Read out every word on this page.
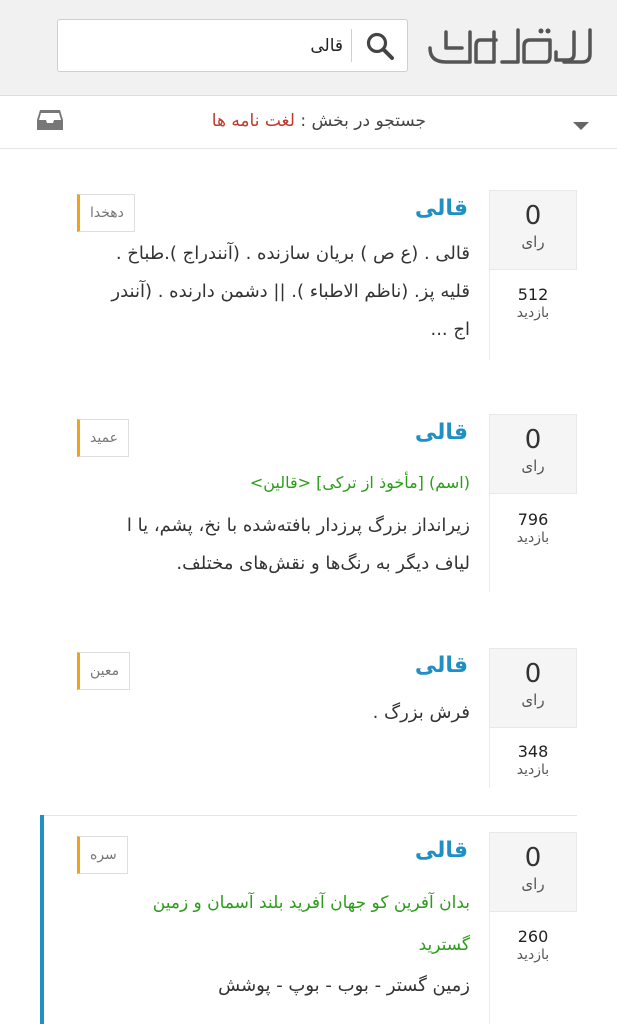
قالی
جستجو در بخش : لغت نامه ها
0
رای
512
بازدید
قالی
دهخدا
قالی . (ع ص ) بریان سازنده . (آنندراج ).طباخ .
قلیه پز. (ناظم الاطباء ). || دشمن دارنده . (آنندر
اج ...
0
رای
796
بازدید
قالی
عمید
(اسم) [مأخوذ از ترکی] <قالین>
زیرانداز بزرگ پرزدار بافته‌شده با نخ، پشم، یا ا
لیاف دیگر به رنگ‌ها و نقش‌های مختلف.
0
رای
348
بازدید
قالی
معین
فرش بزرگ .
0
رای
260
بازدید
قالی
سره
بدان آفرین کو جهان آفرید بلند آسمان و زمین
گسترید
زمین گستر - بوب - بوپ - پوشش
